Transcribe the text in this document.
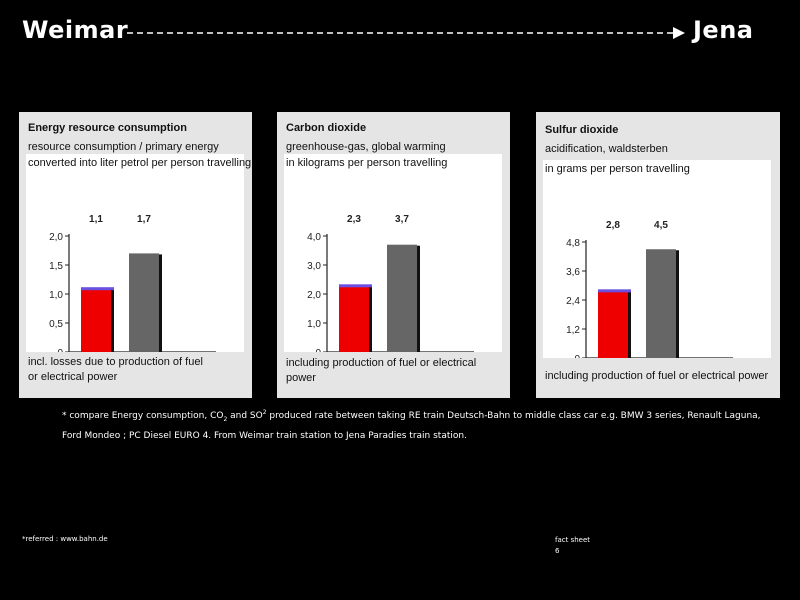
Weimar	Jena
Energy resource consumption
resource consumption / primary energy
converted into liter petrol per person travelling
0,5
1,0
1,5
2,0
1,1	1,7
incl. losses due to production of fuel or electrical power
Carbon dioxide
greenhouse-gas, global warming
in kilograms per person travelling
1,0
2,0
3,0
4,0
2,3	3,7
including production of fuel or electrical power
Sulfur dioxide
acidification, waldsterben
in grams per person travelling
1,2
2,4
3,6
4,8
2,8	4,5
including production of fuel or electrical power
* compare Energy consumption, $CO_2$ and $SO^2$ produced rate between taking RE train Deutsch-Bahn to middle class car e.g. BMW 3 series, Renault Laguna, Ford Mondeo ; PC Diesel EURO 4. From Weimar train station to Jena Paradies train station.
*referred : www.bahn.de	fact sheet
6
